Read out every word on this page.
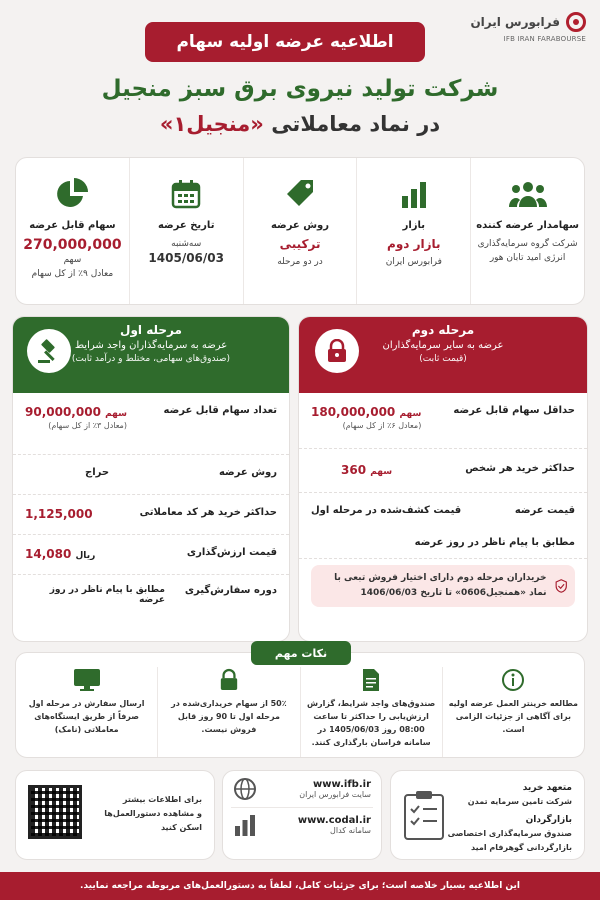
فرابورس ایران
IFB IRAN FARABOURSE
اطلاعیه عرضه اولیه سهام
شرکت تولید نیروی برق سبز منجیل
در نماد معاملاتی «منجیل۱»
سهامدار عرضه کننده
شرکت گروه سرمایه‌گذاری انرژی امید تابان هور
بازار
بازار دوم
فرابورس ایران
روش عرضه
ترکیبی
در دو مرحله
تاریخ عرضه
سه‌شنبه
1405/06/03
سهام قابل عرضه
270,000,000
سهم
معادل ۹٪ از کل سهام
مرحله دوم
عرضه به سایر سرمایه‌گذاران
(قیمت ثابت)
حداقل سهام قابل عرضه
سهم 180,000,000
(معادل ۶٪ از کل سهام)
حداکثر خرید هر شخص
سهم 360
قیمت عرضه
قیمت کشف‌شده در مرحله اول
مطابق با پیام ناظر در روز عرضه
خریداران مرحله دوم دارای اختیار فروش تبعی با نماد «همنجیل0606» تا تاریخ 1406/06/03
مرحله اول
عرضه به سرمایه‌گذاران واجد شرایط
(صندوق‌های سهامی، مختلط و درآمد ثابت)
تعداد سهام قابل عرضه
سهم 90,000,000
(معادل ۳٪ از کل سهام)
روش عرضه
حراج
حداکثر خرید هر کد معاملاتی
1,125,000
قیمت ارزش‌گذاری
ریال 14,080
دوره سفارش‌گیری
مطابق با پیام ناظر در روز عرضه
نکات مهم
مطالعه خرینتر العمل عرضه اولیه برای آگاهی از جزئیات الزامی است.
صندوق‌های واجد شرایط، گزارش ارزش‌یابی را حداکثر تا ساعت 08:00 روز 1405/06/03 در سامانه فراسان بارگذاری کنند.
50٪ از سهام خریداری‌شده در مرحله اول تا 90 روز قابل فروش نیست.
ارسال سفارش در مرحله اول صرفاً از طریق ایستگاه‌های معاملاتی (نامک)
متعهد خرید
شرکت تامین سرمایه تمدن
بازارگردان
صندوق سرمایه‌گذاری اختصاصی بازارگردانی گوهرفام امید
www.ifb.ir
سایت فرابورس ایران
www.codal.ir
سامانه کدال
برای اطلاعات بیشتر
و مشاهده دستورالعمل‌ها
اسکن کنید
این اطلاعیه بسیار خلاصه است؛ برای جزئیات کامل، لطفاً به دستورالعمل‌های مربوطه مراجعه نمایید.
